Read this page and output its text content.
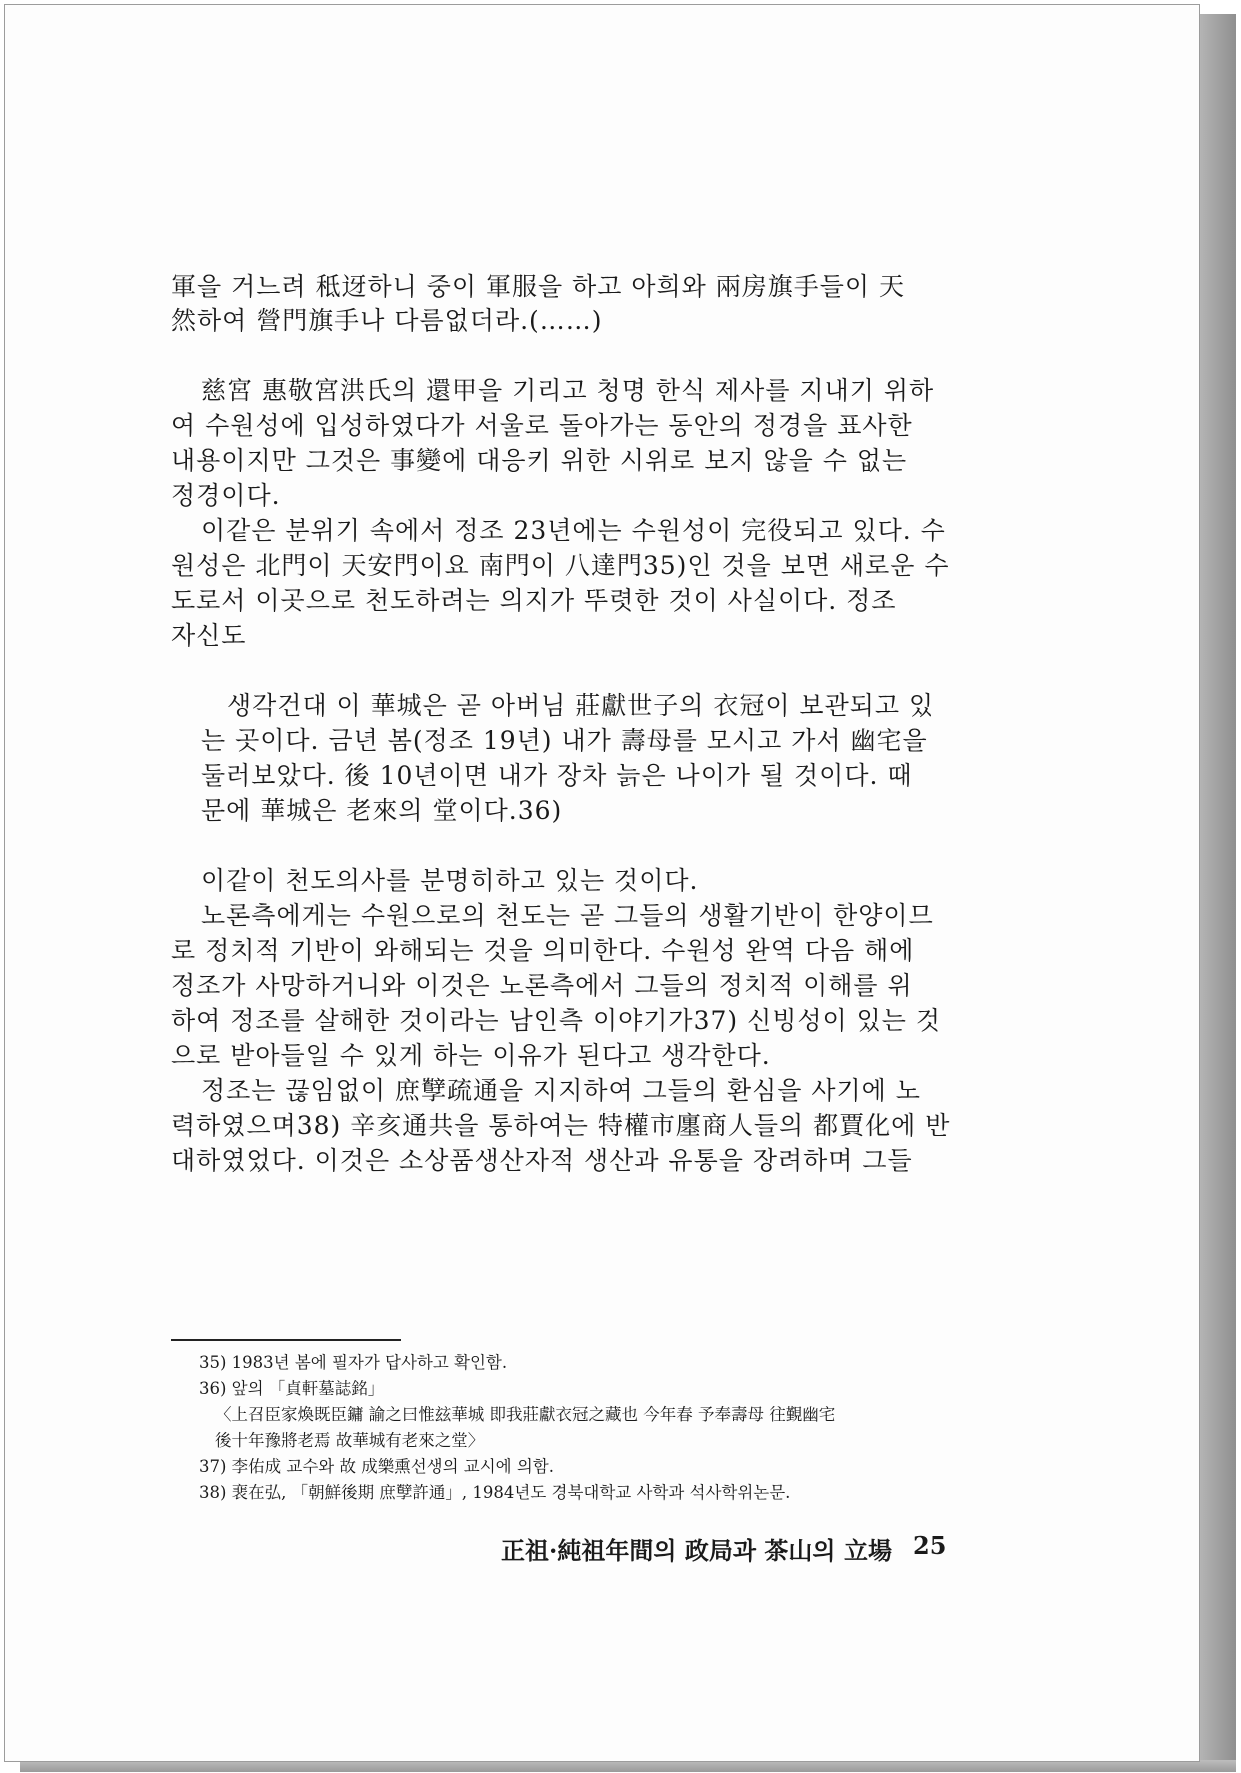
軍을 거느려 秪迓하니 중이 軍服을 하고 아희와 兩房旗手들이 天
然하여 營門旗手나 다름없더라.(……)
慈宮 惠敬宮洪氏의 還甲을 기리고 청명 한식 제사를 지내기 위하
여 수원성에 입성하였다가 서울로 돌아가는 동안의 정경을 표사한
내용이지만 그것은 事變에 대응키 위한 시위로 보지 않을 수 없는
정경이다.
이같은 분위기 속에서 정조 23년에는 수원성이 完役되고 있다. 수
원성은 北門이 天安門이요 南門이 八達門35)인 것을 보면 새로운 수
도로서 이곳으로 천도하려는 의지가 뚜렷한 것이 사실이다. 정조
자신도
생각건대 이 華城은 곧 아버님 莊獻世子의 衣冠이 보관되고 있
는 곳이다. 금년 봄(정조 19년) 내가 壽母를 모시고 가서 幽宅을
둘러보았다. 後 10년이면 내가 장차 늙은 나이가 될 것이다. 때
문에 華城은 老來의 堂이다.36)
이같이 천도의사를 분명히하고 있는 것이다.
노론측에게는 수원으로의 천도는 곧 그들의 생활기반이 한양이므
로 정치적 기반이 와해되는 것을 의미한다. 수원성 완역 다음 해에
정조가 사망하거니와 이것은 노론측에서 그들의 정치적 이해를 위
하여 정조를 살해한 것이라는 남인측 이야기가37) 신빙성이 있는 것
으로 받아들일 수 있게 하는 이유가 된다고 생각한다.
정조는 끊임없이 庶孼疏通을 지지하여 그들의 환심을 사기에 노
력하였으며38) 辛亥通共을 통하여는 特權市廛商人들의 都賈化에 반
대하였었다. 이것은 소상품생산자적 생산과 유통을 장려하며 그들
35) 1983년 봄에 필자가 답사하고 확인함.
36) 앞의 「貞軒墓誌銘」
〈上召臣家煥既臣鏞 諭之曰惟玆華城 即我莊獻衣冠之藏也 今年春 予奉壽母 往覲幽宅
後十年豫將老焉 故華城有老來之堂〉
37) 李佑成 교수와 故 成樂熏선생의 교시에 의함.
38) 裵在弘, 「朝鮮後期 庶孼許通」, 1984년도 경북대학교 사학과 석사학위논문.
正祖·純祖年間의 政局과 茶山의 立場 25
